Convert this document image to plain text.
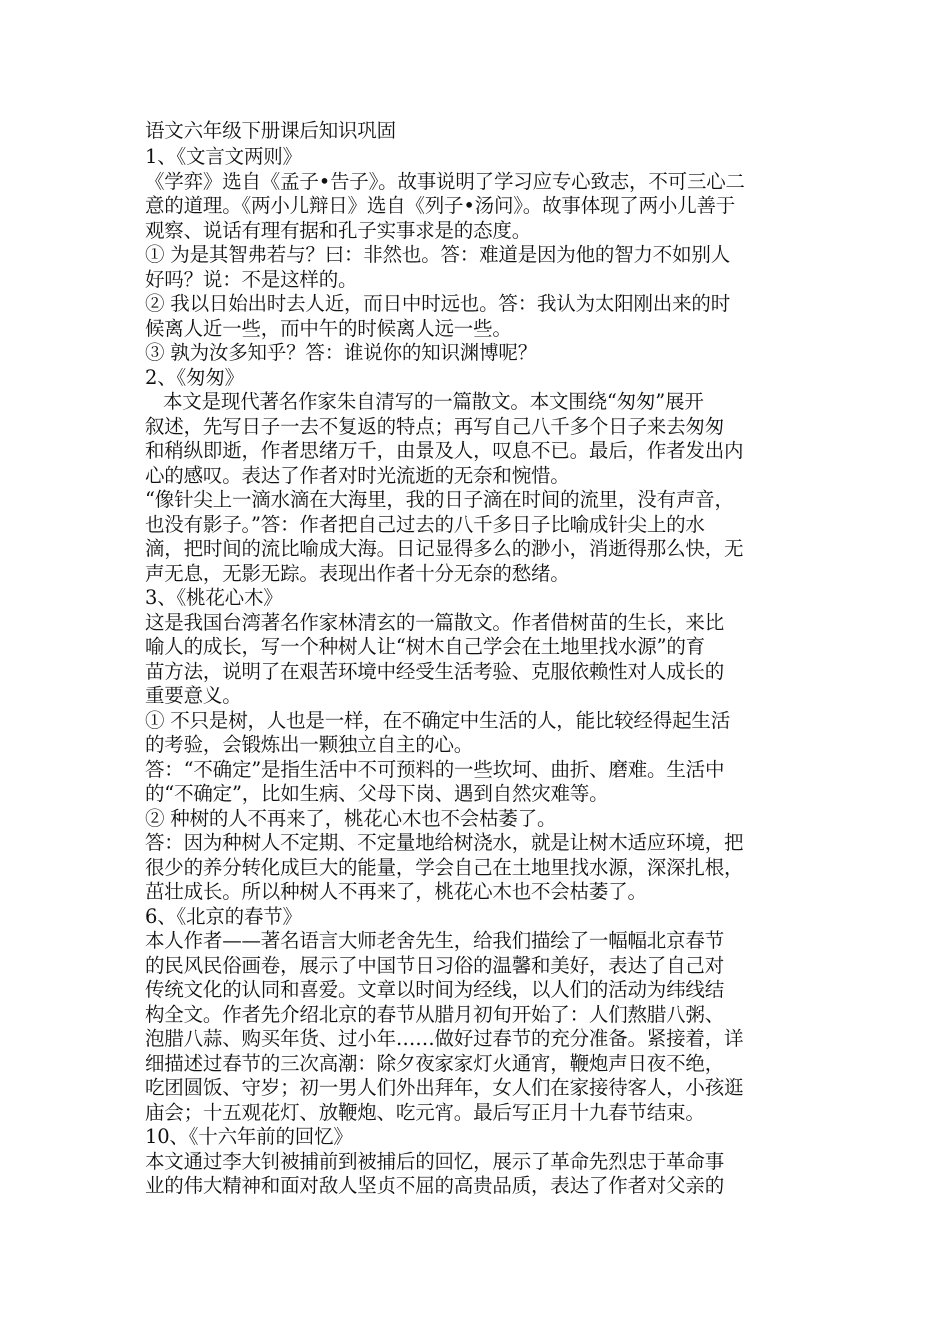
语文六年级下册课后知识巩固
1、《文言文两则》
《学弈》选自《孟子•告子》。故事说明了学习应专心致志，不可三心二
意的道理。《两小儿辩日》选自《列子•汤问》。故事体现了两小儿善于
观察、说话有理有据和孔子实事求是的态度。
① 为是其智弗若与？曰：非然也。答：难道是因为他的智力不如别人
好吗？说：不是这样的。
② 我以日始出时去人近，而日中时远也。答：我认为太阳刚出来的时
候离人近一些，而中午的时候离人远一些。
③ 孰为汝多知乎？答：谁说你的知识渊博呢？
2、《匆匆》
本文是现代著名作家朱自清写的一篇散文。本文围绕“匆匆”展开
叙述，先写日子一去不复返的特点；再写自己八千多个日子来去匆匆
和稍纵即逝，作者思绪万千，由景及人，叹息不已。最后，作者发出内
心的感叹。表达了作者对时光流逝的无奈和惋惜。
“像针尖上一滴水滴在大海里，我的日子滴在时间的流里，没有声音，
也没有影子。”答：作者把自己过去的八千多日子比喻成针尖上的水
滴，把时间的流比喻成大海。日记显得多么的渺小，消逝得那么快，无
声无息，无影无踪。表现出作者十分无奈的愁绪。
3、《桃花心木》
这是我国台湾著名作家林清玄的一篇散文。作者借树苗的生长，来比
喻人的成长，写一个种树人让“树木自己学会在土地里找水源”的育
苗方法，说明了在艰苦环境中经受生活考验、克服依赖性对人成长的
重要意义。
① 不只是树，人也是一样，在不确定中生活的人，能比较经得起生活
的考验，会锻炼出一颗独立自主的心。
答：“不确定”是指生活中不可预料的一些坎坷、曲折、磨难。生活中
的“不确定”，比如生病、父母下岗、遇到自然灾难等。
② 种树的人不再来了，桃花心木也不会枯萎了。
答：因为种树人不定期、不定量地给树浇水，就是让树木适应环境，把
很少的养分转化成巨大的能量，学会自己在土地里找水源，深深扎根，
茁壮成长。所以种树人不再来了，桃花心木也不会枯萎了。
6、《北京的春节》
本人作者——著名语言大师老舍先生，给我们描绘了一幅幅北京春节
的民风民俗画卷，展示了中国节日习俗的温馨和美好，表达了自己对
传统文化的认同和喜爱。文章以时间为经线，以人们的活动为纬线结
构全文。作者先介绍北京的春节从腊月初旬开始了：人们熬腊八粥、
泡腊八蒜、购买年货、过小年……做好过春节的充分准备。紧接着，详
细描述过春节的三次高潮：除夕夜家家灯火通宵，鞭炮声日夜不绝，
吃团圆饭、守岁；初一男人们外出拜年，女人们在家接待客人，小孩逛
庙会；十五观花灯、放鞭炮、吃元宵。最后写正月十九春节结束。
10、《十六年前的回忆》
本文通过李大钊被捕前到被捕后的回忆，展示了革命先烈忠于革命事
业的伟大精神和面对敌人坚贞不屈的高贵品质，表达了作者对父亲的
